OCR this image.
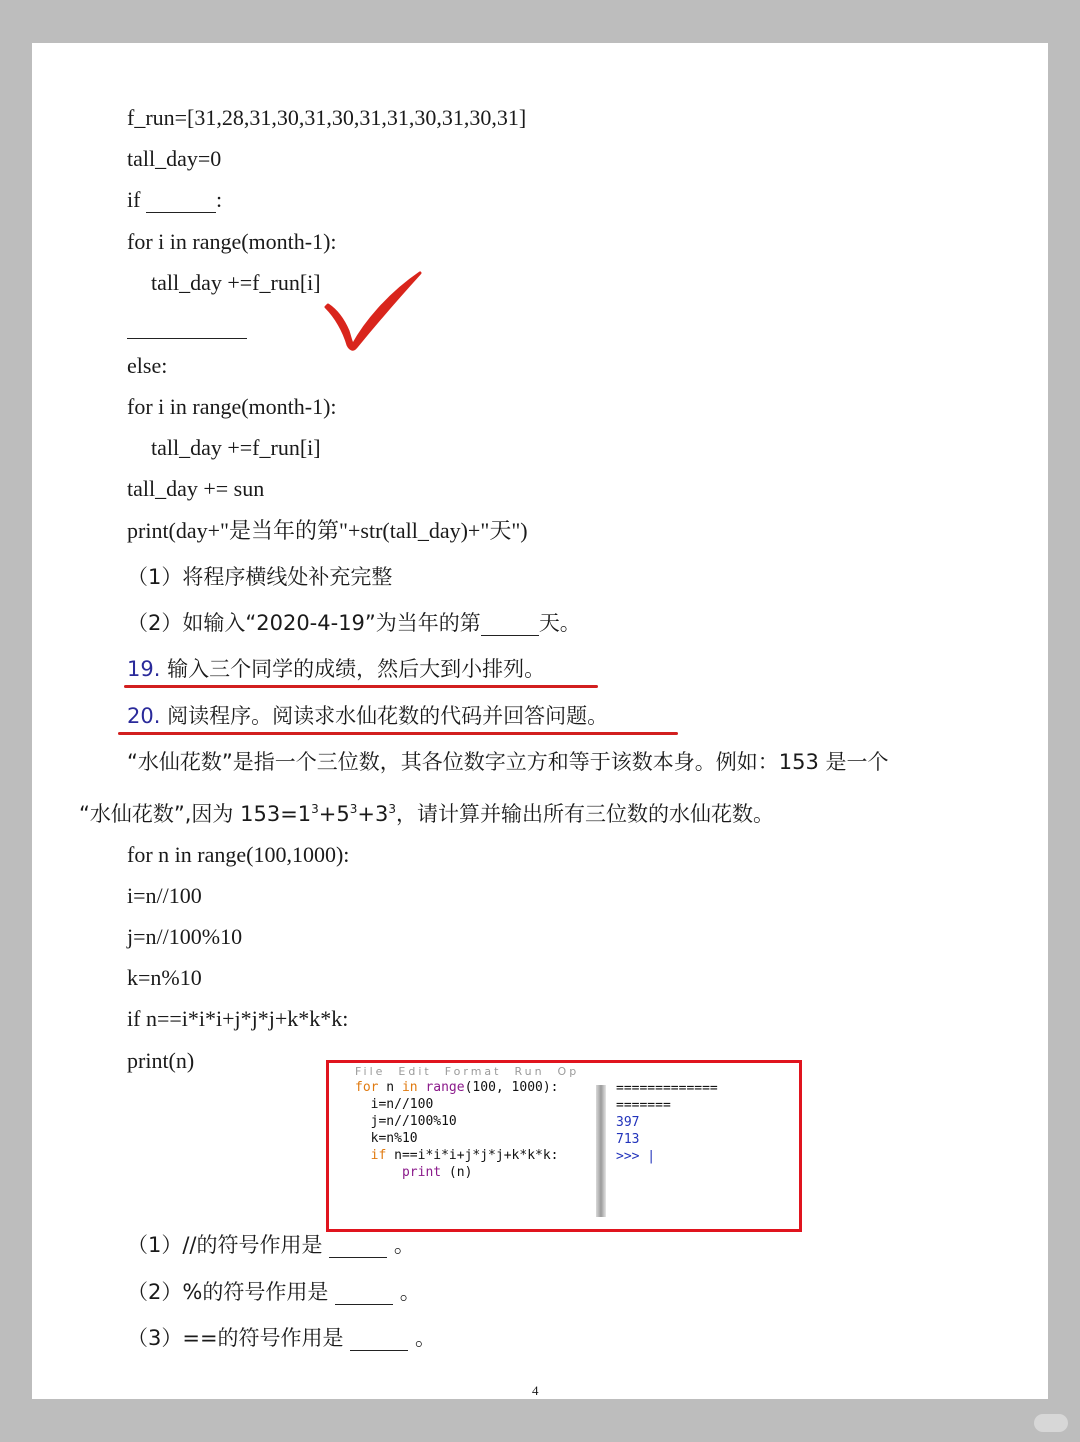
f_run=[31,28,31,30,31,30,31,31,30,31,30,31]
tall_day=0
if	:
for i in range(month-1):
tall_day +=f_run[i]
else:
for i in range(month-1):
tall_day +=f_run[i]
tall_day += sun
print(day+"是当年的第"+str(tall_day)+"天")
（1）将程序横线处补充完整
（2）如输入“2020-4-19”为当年的第	天。
19. 输入三个同学的成绩，然后大到小排列。
20. 阅读程序。阅读求水仙花数的代码并回答问题。
“水仙花数”是指一个三位数，其各位数字立方和等于该数本身。例如：153 是一个
“水仙花数”,因为 $153=1^3+5^3+3^3$，请计算并输出所有三位数的水仙花数。
for n in range(100,1000):
i=n//100
j=n//100%10
k=n%10
if n==i*i*i+j*j*j+k*k*k:
print(n)	File  Edit  Format  Run  Op
for n in range(100, 1000):
i=n//100
j=n//100%10
k=n%10
if n==i*i*i+j*j*j+k*k*k:
print (n)
=============
=======
397
713
>>> |
（1）//的符号作用是	。
（2）%的符号作用是	。
（3）==的符号作用是	。
4
